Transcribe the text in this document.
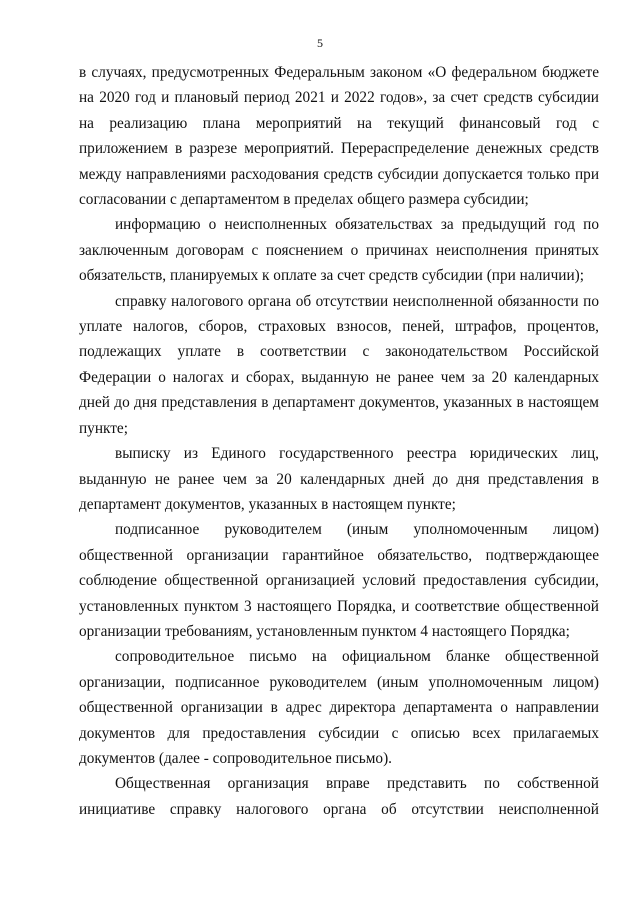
5

в случаях, предусмотренных Федеральным законом «О федеральном бюджете на 2020 год и плановый период 2021 и 2022 годов», за счет средств субсидии на реализацию плана мероприятий на текущий финансовый год с приложением в разрезе мероприятий. Перераспределение денежных средств между направлениями расходования средств субсидии допускается только при согласовании с департаментом в пределах общего размера субсидии;

информацию о неисполненных обязательствах за предыдущий год по заключенным договорам с пояснением о причинах неисполнения принятых обязательств, планируемых к оплате за счет средств субсидии (при наличии);

справку налогового органа об отсутствии неисполненной обязанности по уплате налогов, сборов, страховых взносов, пеней, штрафов, процентов, подлежащих уплате в соответствии с законодательством Российской Федерации о налогах и сборах, выданную не ранее чем за 20 календарных дней до дня представления в департамент документов, указанных в настоящем пункте;

выписку из Единого государственного реестра юридических лиц, выданную не ранее чем за 20 календарных дней до дня представления в департамент документов, указанных в настоящем пункте;

подписанное руководителем (иным уполномоченным лицом) общественной организации гарантийное обязательство, подтверждающее соблюдение общественной организацией условий предоставления субсидии, установленных пунктом 3 настоящего Порядка, и соответствие общественной организации требованиям, установленным пунктом 4 настоящего Порядка;

сопроводительное письмо на официальном бланке общественной организации, подписанное руководителем (иным уполномоченным лицом) общественной организации в адрес директора департамента о направлении документов для предоставления субсидии с описью всех прилагаемых документов (далее - сопроводительное письмо).

Общественная организация вправе представить по собственной инициативе справку налогового органа об отсутствии неисполненной
